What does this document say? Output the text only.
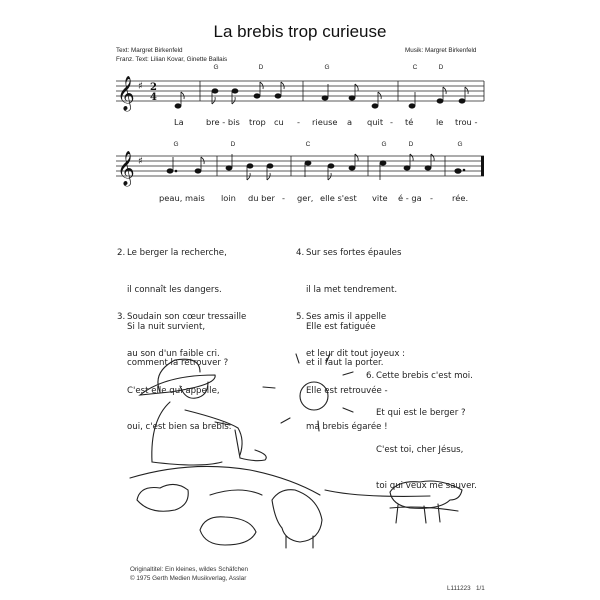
La brebis trop curieuse
Text: Margret Birkenfeld
Franz. Text: Lilian Kovar, Ginette Ballais
Musik: Margret Birkenfeld
𝄞 ♯ 2
4
𝄞 ♯
G	D	G	C	D
La	bre - bis trop cu - rieuse a quit - té	le trou -
G	D	C	G	D	G
peau, mais loin du ber - ger, elle s'est vite é - ga - rée.

2. Le berger la recherche,

il connaît les dangers.

Si la nuit survient,

comment la retrouver ?

3. Soudain son cœur tressaille

au son d'un faible cri.

C'est elle qui appelle,

oui, c'est bien sa brebis.

4. Sur ses fortes épaules

il la met tendrement.

Elle est fatiguée

et il faut la porter.

5. Ses amis il appelle

et leur dit tout joyeux :

Elle est retrouvée -

ma brebis égarée !

6. Cette brebis c'est moi.

Et qui est le berger ?

C'est toi, cher Jésus,

toi qui veux me sauver.

Originaltitel: Ein kleines, wildes Schäfchen
© 1975 Gerth Medien Musikverlag, Asslar
L111223 1/1
